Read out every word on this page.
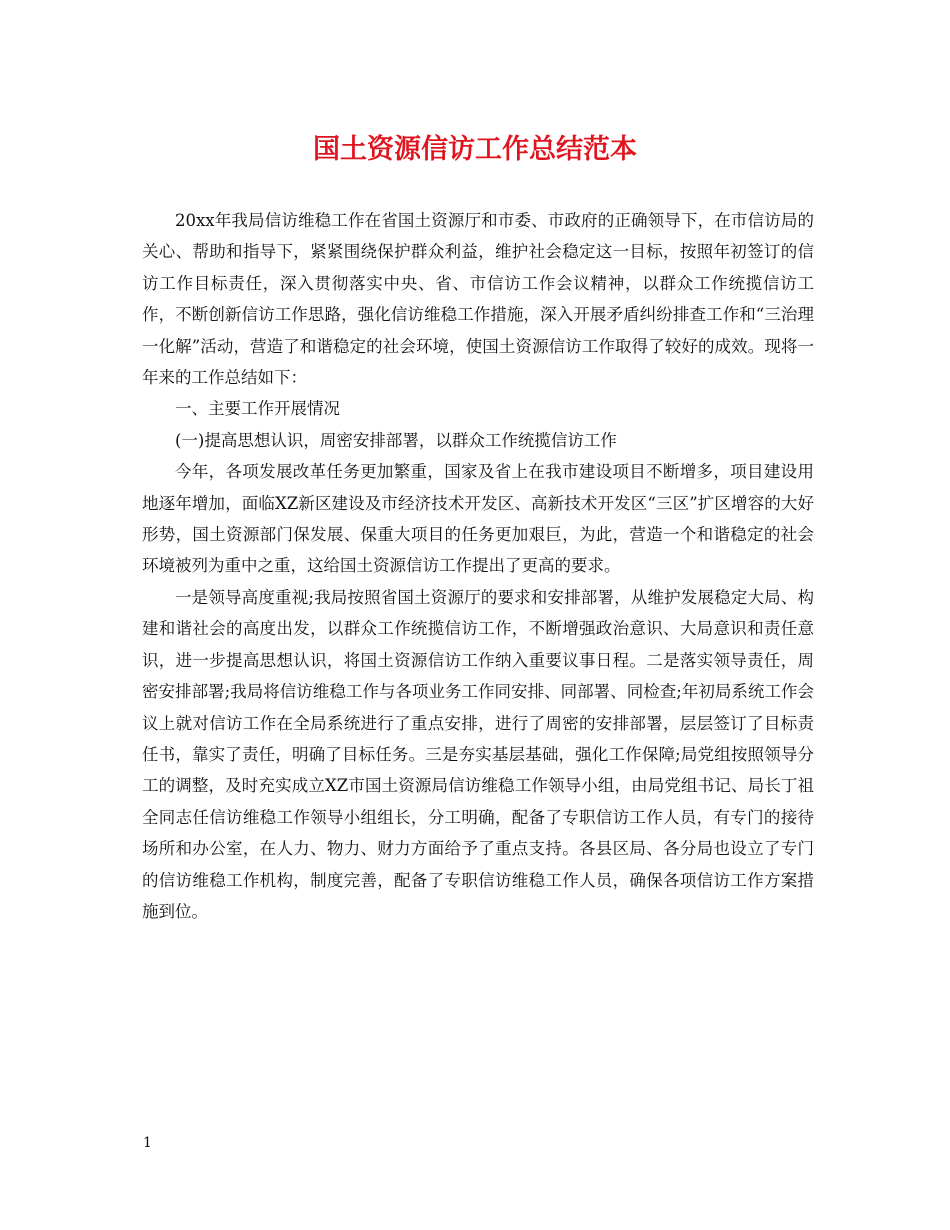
国土资源信访工作总结范本

20xx年我局信访维稳工作在省国土资源厅和市委、市政府的正确领导下，在市信访局的关心、帮助和指导下，紧紧围绕保护群众利益，维护社会稳定这一目标，按照年初签订的信访工作目标责任，深入贯彻落实中央、省、市信访工作会议精神，以群众工作统揽信访工作，不断创新信访工作思路，强化信访维稳工作措施，深入开展矛盾纠纷排查工作和“三治理一化解”活动，营造了和谐稳定的社会环境，使国土资源信访工作取得了较好的成效。现将一年来的工作总结如下：

一、主要工作开展情况

(一)提高思想认识，周密安排部署，以群众工作统揽信访工作

今年，各项发展改革任务更加繁重，国家及省上在我市建设项目不断增多，项目建设用地逐年增加，面临XZ新区建设及市经济技术开发区、高新技术开发区“三区”扩区增容的大好形势，国土资源部门保发展、保重大项目的任务更加艰巨，为此，营造一个和谐稳定的社会环境被列为重中之重，这给国土资源信访工作提出了更高的要求。

一是领导高度重视;我局按照省国土资源厅的要求和安排部署，从维护发展稳定大局、构建和谐社会的高度出发，以群众工作统揽信访工作，不断增强政治意识、大局意识和责任意识，进一步提高思想认识，将国土资源信访工作纳入重要议事日程。二是落实领导责任，周密安排部署;我局将信访维稳工作与各项业务工作同安排、同部署、同检查;年初局系统工作会议上就对信访工作在全局系统进行了重点安排，进行了周密的安排部署，层层签订了目标责任书，靠实了责任，明确了目标任务。三是夯实基层基础，强化工作保障;局党组按照领导分工的调整，及时充实成立XZ市国土资源局信访维稳工作领导小组，由局党组书记、局长丁祖全同志任信访维稳工作领导小组组长，分工明确，配备了专职信访工作人员，有专门的接待场所和办公室，在人力、物力、财力方面给予了重点支持。各县区局、各分局也设立了专门的信访维稳工作机构，制度完善，配备了专职信访维稳工作人员，确保各项信访工作方案措施到位。

1
